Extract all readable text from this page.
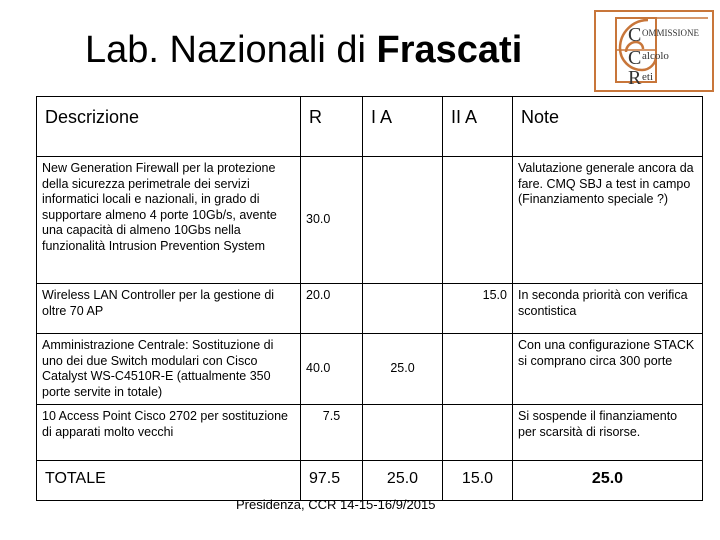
Lab. Nazionali di Frascati	C
C
R
OMMISSIONE
alcolo
eti
Descrizione	R	I A	II A	Note
New Generation Firewall per la protezione della sicurezza perimetrale dei servizi informatici locali e nazionali, in grado di supportare almeno 4 porte 10Gb/s, avente una capacità di almeno 10Gbs nella funzionalità Intrusion Prevention System	30.0			Valutazione generale ancora da fare. CMQ SBJ a test in campo (Finanziamento speciale ?)
Wireless LAN Controller per la gestione di oltre 70 AP	20.0		15.0	In seconda priorità con verifica scontistica
Amministrazione Centrale: Sostituzione di uno dei due Switch modulari con Cisco Catalyst WS-C4510R-E (attualmente 350 porte servite in totale)	40.0	25.0		Con una configurazione STACK si comprano circa 300 porte
10 Access Point Cisco 2702 per sostituzione di apparati molto vecchi	7.5			Si sospende il finanziamento per scarsità di risorse.
TOTALE	97.5	25.0	15.0	25.0
Presidenza, CCR 14-15-16/9/2015
